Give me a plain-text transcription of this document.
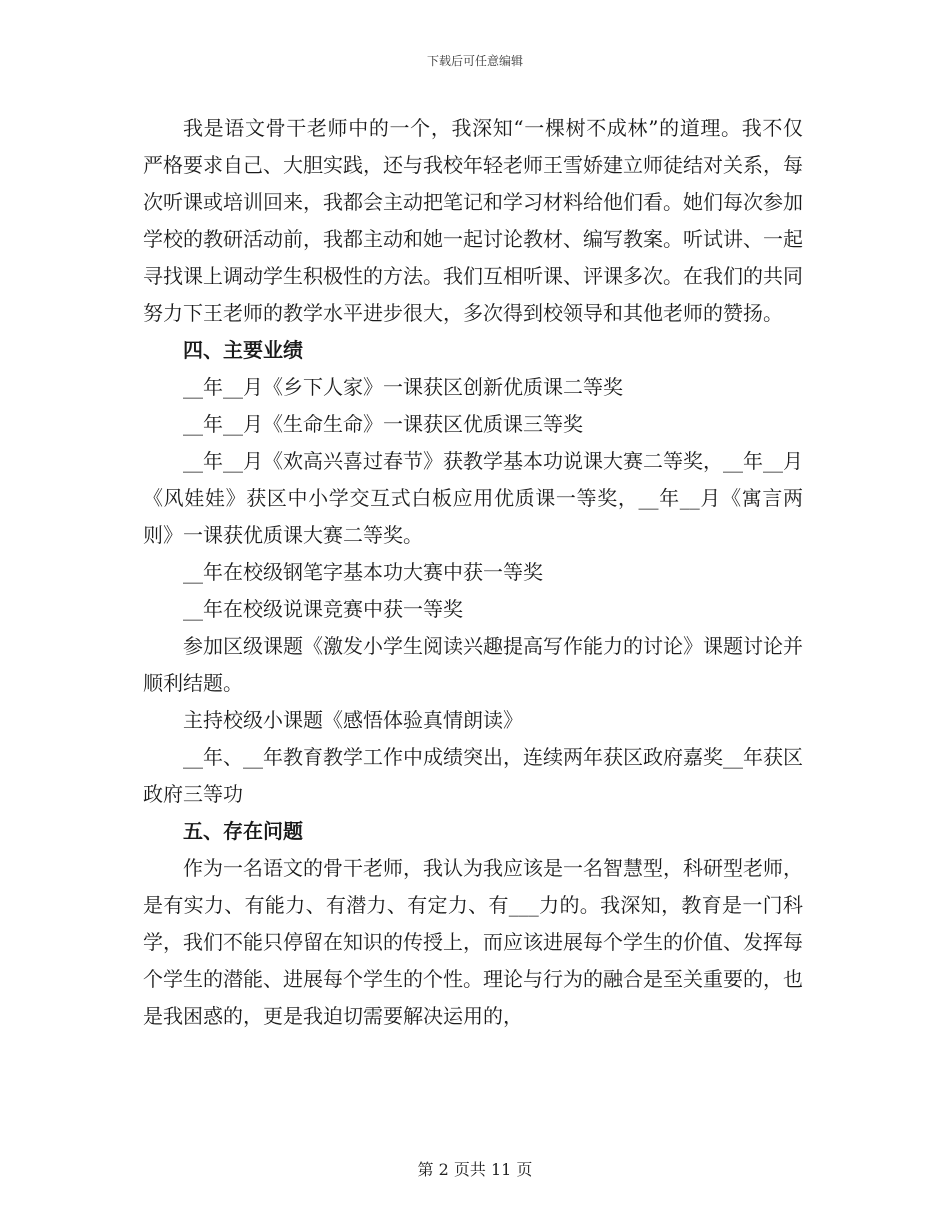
下载后可任意编辑

我是语文骨干老师中的一个，我深知“一棵树不成林”的道理。我不仅严格要求自己、大胆实践，还与我校年轻老师王雪娇建立师徒结对关系，每次听课或培训回来，我都会主动把笔记和学习材料给他们看。她们每次参加学校的教研活动前，我都主动和她一起讨论教材、编写教案。听试讲、一起寻找课上调动学生积极性的方法。我们互相听课、评课多次。在我们的共同努力下王老师的教学水平进步很大，多次得到校领导和其他老师的赞扬。

四、主要业绩

__年__月《乡下人家》一课获区创新优质课二等奖

__年__月《生命生命》一课获区优质课三等奖

__年__月《欢高兴喜过春节》获教学基本功说课大赛二等奖，__年__月《风娃娃》获区中小学交互式白板应用优质课一等奖，__年__月《寓言两则》一课获优质课大赛二等奖。

__年在校级钢笔字基本功大赛中获一等奖

__年在校级说课竞赛中获一等奖

参加区级课题《激发小学生阅读兴趣提高写作能力的讨论》课题讨论并顺利结题。

主持校级小课题《感悟体验真情朗读》

__年、__年教育教学工作中成绩突出，连续两年获区政府嘉奖__年获区政府三等功

五、存在问题

作为一名语文的骨干老师，我认为我应该是一名智慧型，科研型老师，是有实力、有能力、有潜力、有定力、有___力的。我深知，教育是一门科学，我们不能只停留在知识的传授上，而应该进展每个学生的价值、发挥每个学生的潜能、进展每个学生的个性。理论与行为的融合是至关重要的，也是我困惑的，更是我迫切需要解决运用的，

第 2 页共 11 页
